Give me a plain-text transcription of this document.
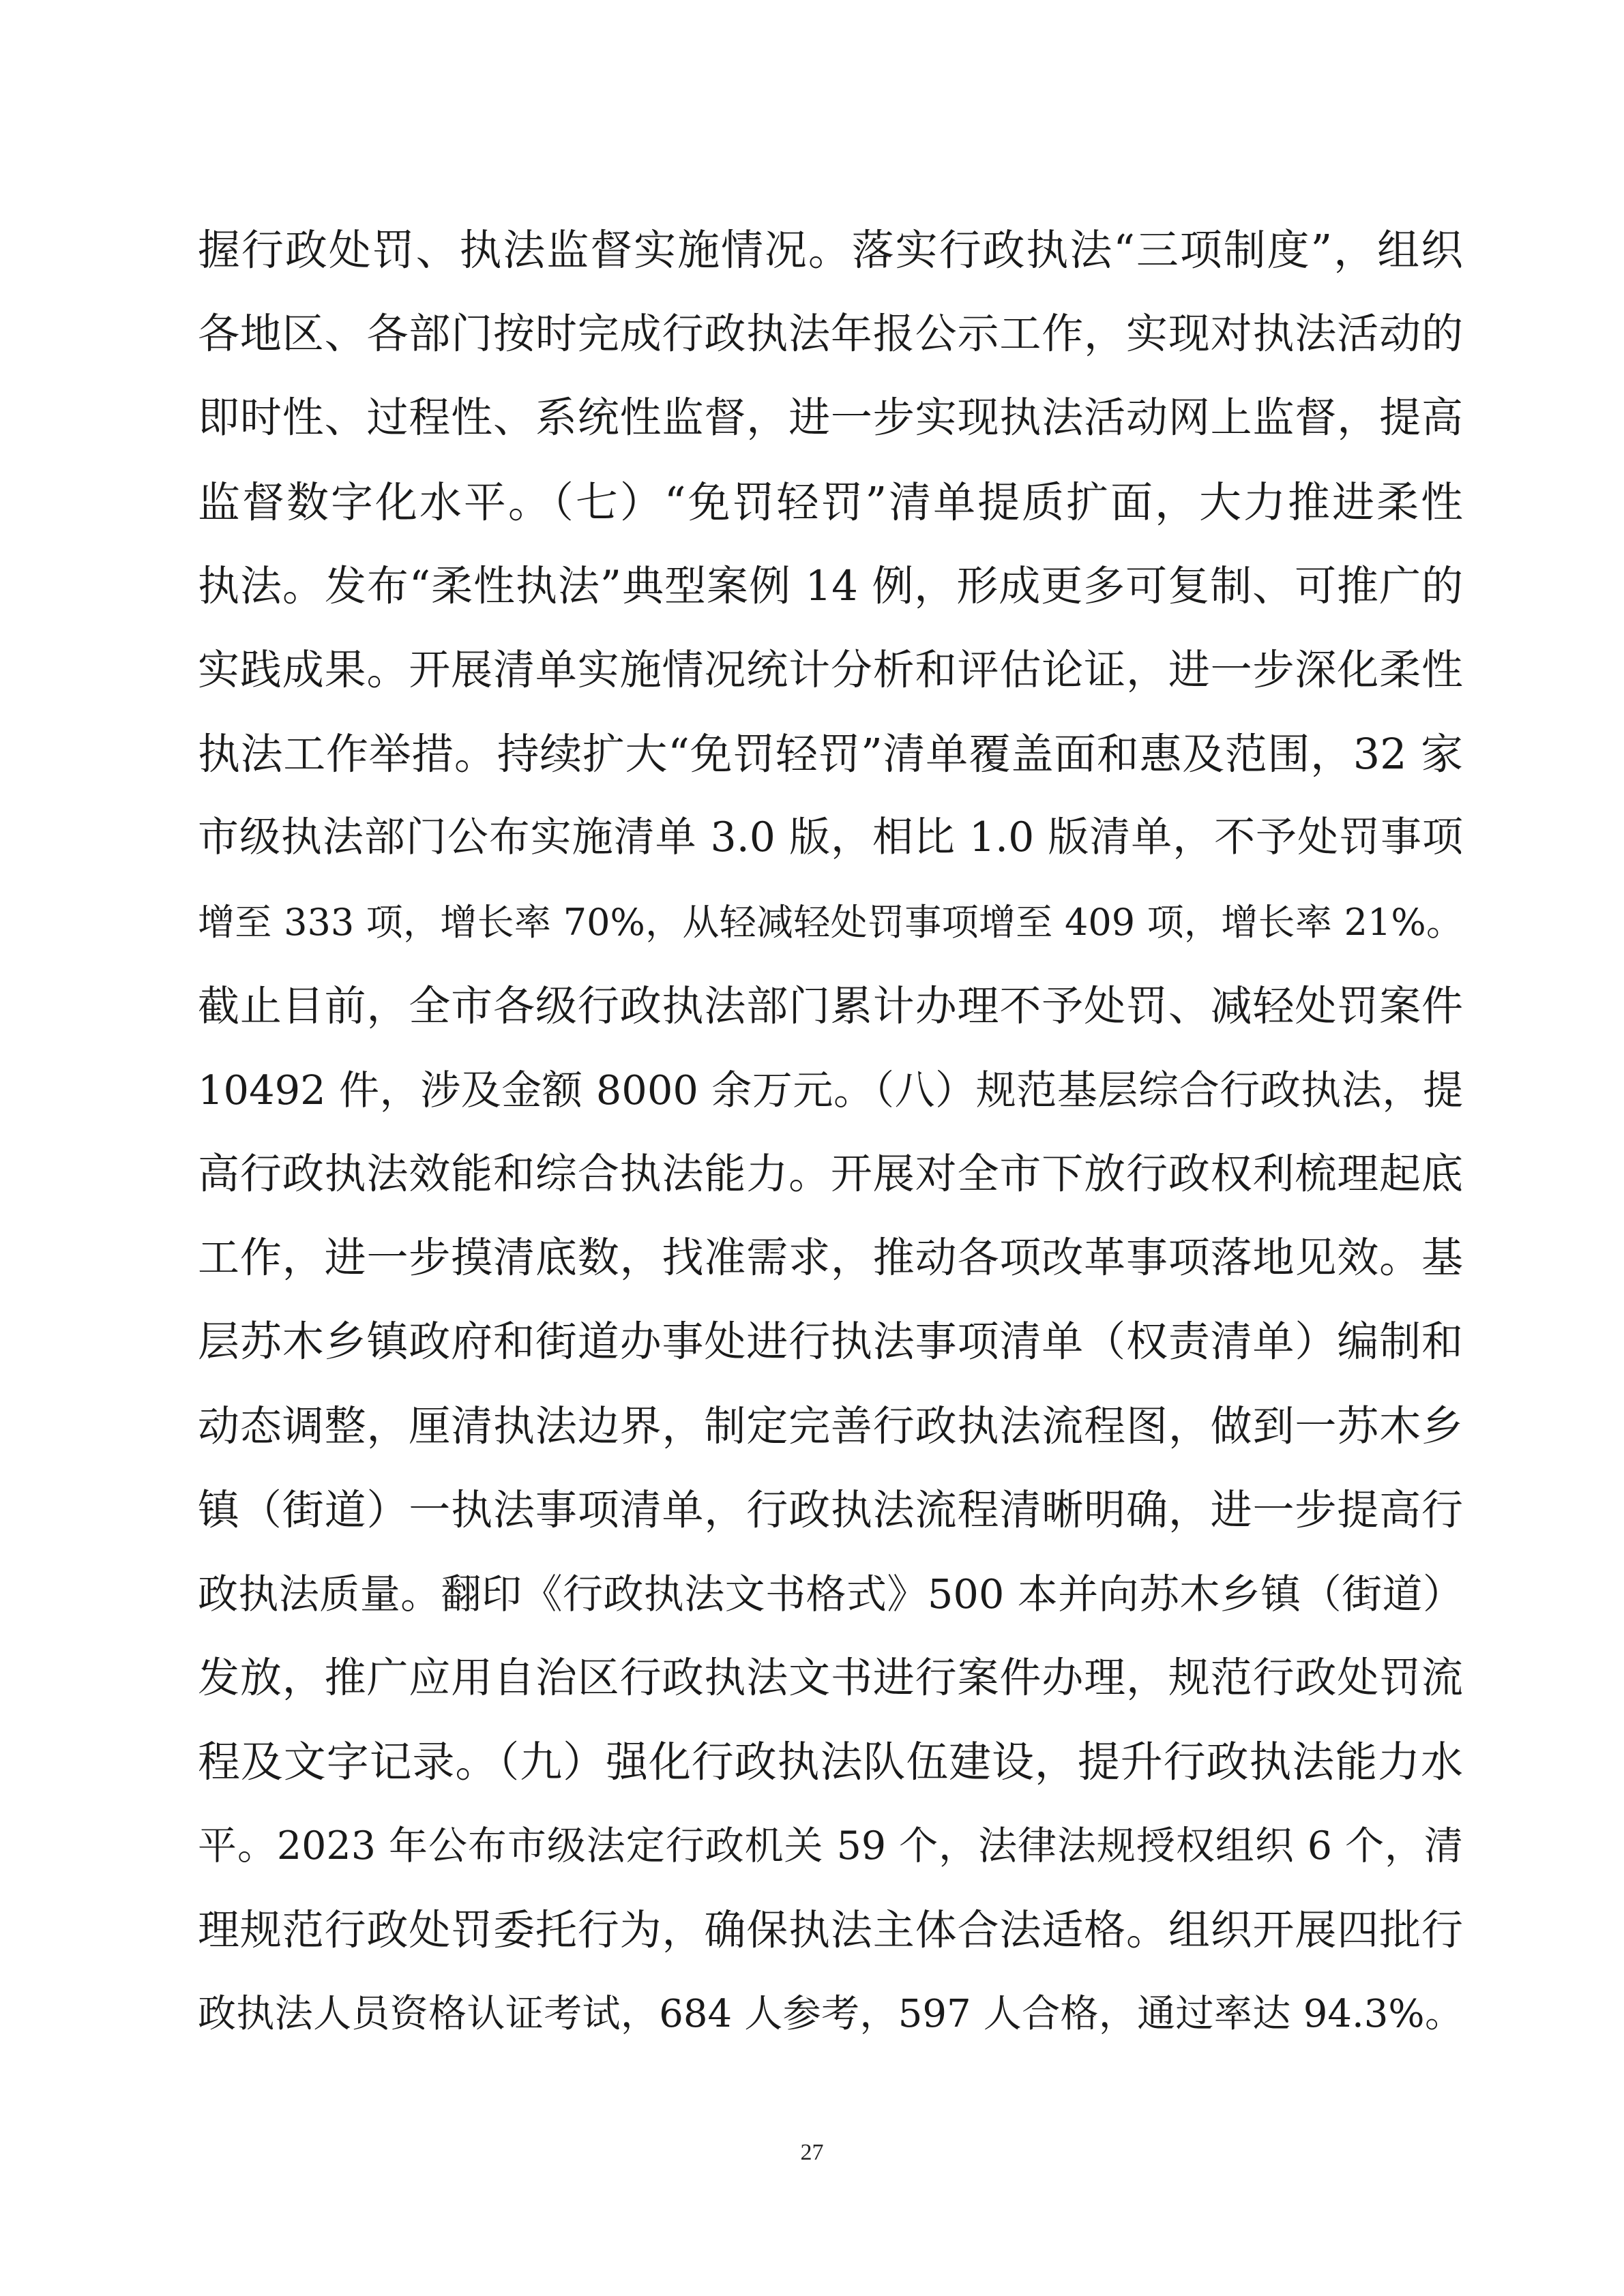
握行政处罚、执法监督实施情况。落实行政执法“三项制度”，组织
各地区、各部门按时完成行政执法年报公示工作，实现对执法活动的
即时性、过程性、系统性监督，进一步实现执法活动网上监督，提高
监督数字化水平。（七）“免罚轻罚”清单提质扩面，大力推进柔性
执法。发布“柔性执法”典型案例 14 例，形成更多可复制、可推广的
实践成果。开展清单实施情况统计分析和评估论证，进一步深化柔性
执法工作举措。持续扩大“免罚轻罚”清单覆盖面和惠及范围，32 家
市级执法部门公布实施清单 3.0 版，相比 1.0 版清单，不予处罚事项
增至 333 项，增长率 70%，从轻减轻处罚事项增至 409 项，增长率 21%。
截止目前，全市各级行政执法部门累计办理不予处罚、减轻处罚案件
10492 件，涉及金额 8000 余万元。（八）规范基层综合行政执法，提
高行政执法效能和综合执法能力。开展对全市下放行政权利梳理起底
工作，进一步摸清底数，找准需求，推动各项改革事项落地见效。基
层苏木乡镇政府和街道办事处进行执法事项清单（权责清单）编制和
动态调整，厘清执法边界，制定完善行政执法流程图，做到一苏木乡
镇（街道）一执法事项清单，行政执法流程清晰明确，进一步提高行
政执法质量。翻印《行政执法文书格式》500 本并向苏木乡镇（街道）
发放，推广应用自治区行政执法文书进行案件办理，规范行政处罚流
程及文字记录。（九）强化行政执法队伍建设，提升行政执法能力水
平。2023 年公布市级法定行政机关 59 个，法律法规授权组织 6 个，清
理规范行政处罚委托行为，确保执法主体合法适格。组织开展四批行
政执法人员资格认证考试，684 人参考，597 人合格，通过率达 94.3%。
27
